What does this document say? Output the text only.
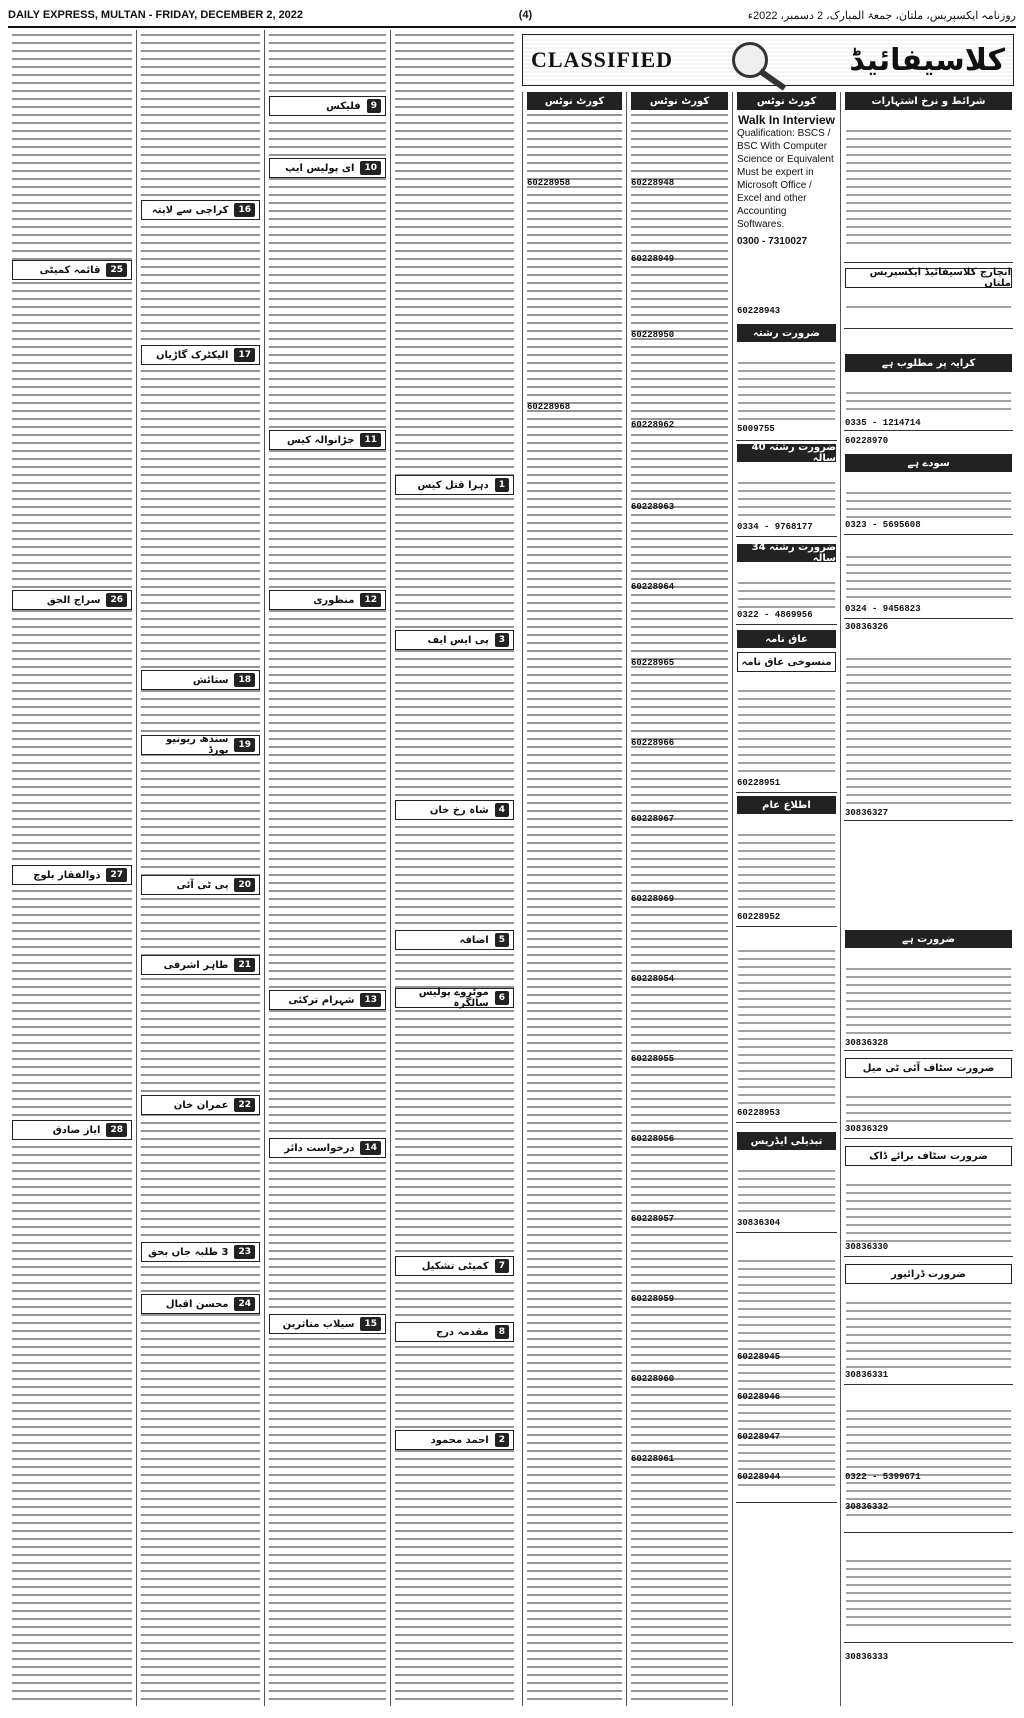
DAILY EXPRESS, MULTAN - FRIDAY, DECEMBER 2, 2022	(4)	روزنامہ ایکسپریس، ملتان، جمعۃ المبارک، 2 دسمبر، 2022ء
25
قائمہ کمیٹی
26
سراج الحق
27
ذوالفقار بلوچ
28
ایاز صادق
16
کراچی سے لاپتہ
17
الیکٹرک گاڑیاں
18
ستائش
19
سندھ ریونیو بورڈ
20
پی ٹی آئی
21
طاہر اشرفی
22
عمران خان
23
3 طلبہ جاں بحق
24
محسن اقبال
9
فلیکس
10
ای پولیس ایپ
11
جڑانوالہ کیس
12
منظوری
13
شہرام ترکئی
14
درخواست دائر
15
سیلاب متاثرین
1
دہرا قتل کیس
3
پی ایس ایف
4
شاہ رخ خان
5
اضافہ
6
موٹروے پولیس سالگرہ
7
کمیٹی تشکیل
8
مقدمہ درج
2
احمد محمود
CLASSIFIED	کلاسیفائیڈ
کورٹ نوٹس
60228958
60228968
کورٹ نوٹس
60228948
60228949
60228950
60228962
60228963
60228964
60228965
60228966
60228967
60228969
60228954
60228955
60228956
60228957
60228959
60228960
60228961
کورٹ نوٹس
Walk In Interview
Qualification: BSCS / BSC With Computer Science or Equivalent Must be expert in Microsoft Office / Excel and other Accounting Softwares.
0300 - 7310027
60228943
ضرورت رشتہ
5009755
ضرورت رشتہ 40 سالہ
0334 - 9768177
ضرورت رشتہ 34 سالہ
0322 - 4869956
عاق نامہ
منسوخی عاق نامہ
60228951
اطلاع عام
60228952
60228953
تبدیلی ایڈریس
30836304
60228946
60228947
60228944
60228945
شرائط و نرخ اشتہارات
انچارج کلاسیفائیڈ ایکسپریس ملتان
کرایہ پر مطلوب ہے
0335 - 1214714
60228970
سودے ہے
0323 - 5695608
0324 - 9456823
30836326
30836327
ضرورت ہے
30836328
ضرورت سٹاف آئی ٹی میل
30836329
ضرورت سٹاف برائے ڈاک
30836330
ضرورت ڈرائیور
30836331
0322 - 5399671
30836332
30836333
